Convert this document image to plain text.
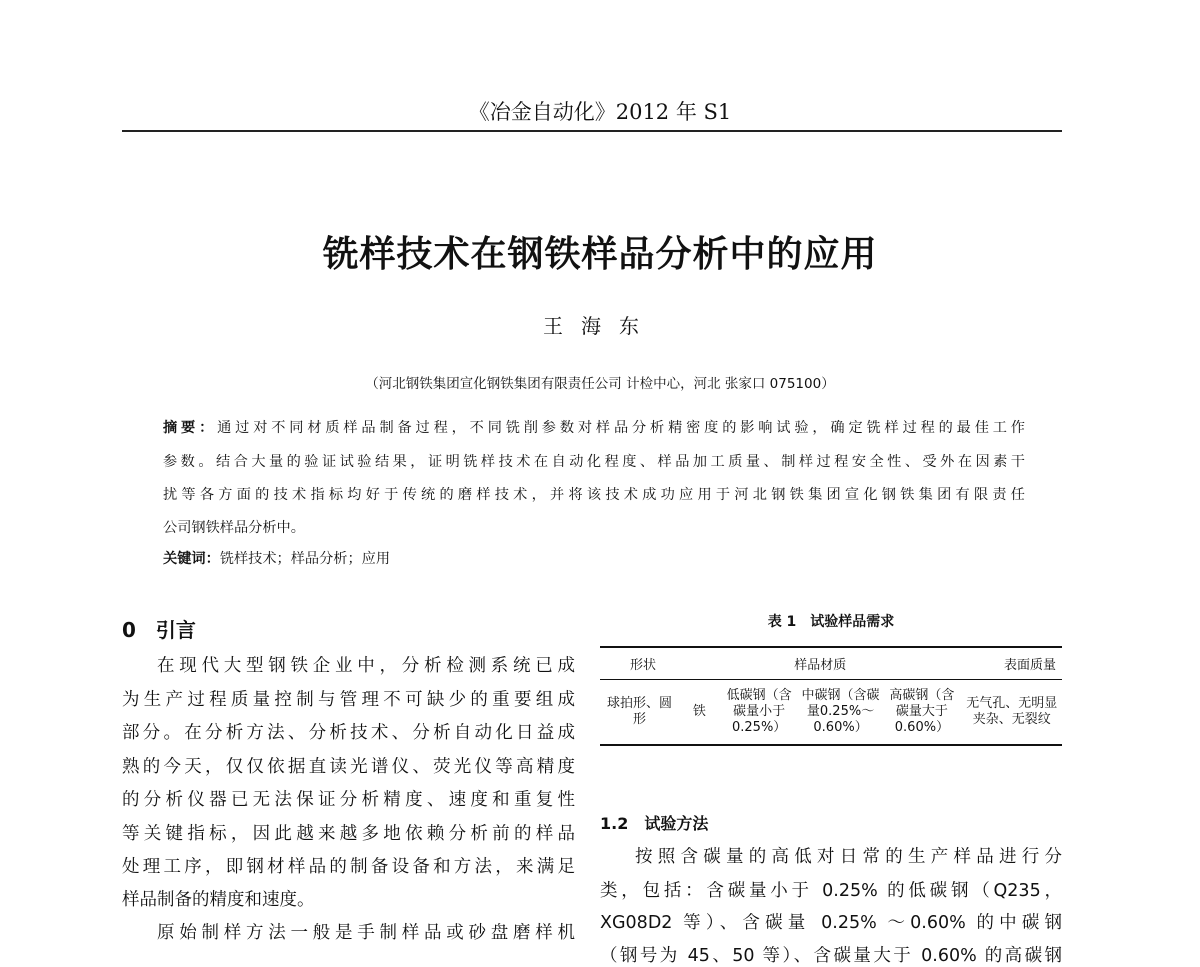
《冶金自动化》2012 年 S1
铣样技术在钢铁样品分析中的应用
王海东
（河北钢铁集团宣化钢铁集团有限责任公司 计检中心，河北 张家口 075100）
摘要：通过对不同材质样品制备过程，不同铣削参数对样品分析精密度的影响试验，确定铣样过程的最佳工作
参数。结合大量的验证试验结果，证明铣样技术在自动化程度、样品加工质量、制样过程安全性、受外在因素干
扰等各方面的技术指标均好于传统的磨样技术，并将该技术成功应用于河北钢铁集团宣化钢铁集团有限责任
公司钢铁样品分析中。
关键词：铣样技术；样品分析；应用
0　引言
在现代大型钢铁企业中，分析检测系统已成
为生产过程质量控制与管理不可缺少的重要组成
部分。在分析方法、分析技术、分析自动化日益成
熟的今天，仅仅依据直读光谱仪、荧光仪等高精度
的分析仪器已无法保证分析精度、速度和重复性
等关键指标，因此越来越多地依赖分析前的样品
处理工序，即钢材样品的制备设备和方法，来满足
样品制备的精度和速度。
原始制样方法一般是手制样品或砂盘磨样机
表 1　试验样品需求
形状	样品材质				表面质量
球拍形、圆形	铁	低碳钢（含碳量小于0.25%）	中碳钢（含碳量0.25%～0.60%）	高碳钢（含碳量大于0.60%）	无气孔、无明显夹杂、无裂纹
1.2　试验方法
按照含碳量的高低对日常的生产样品进行分
类，包括：含碳量小于 0.25% 的低碳钢（Q235，
XG08D2 等）、含碳量 0.25% ～0.60% 的中碳钢
（钢号为 45、50 等）、含碳量大于 0.60% 的高碳钢
